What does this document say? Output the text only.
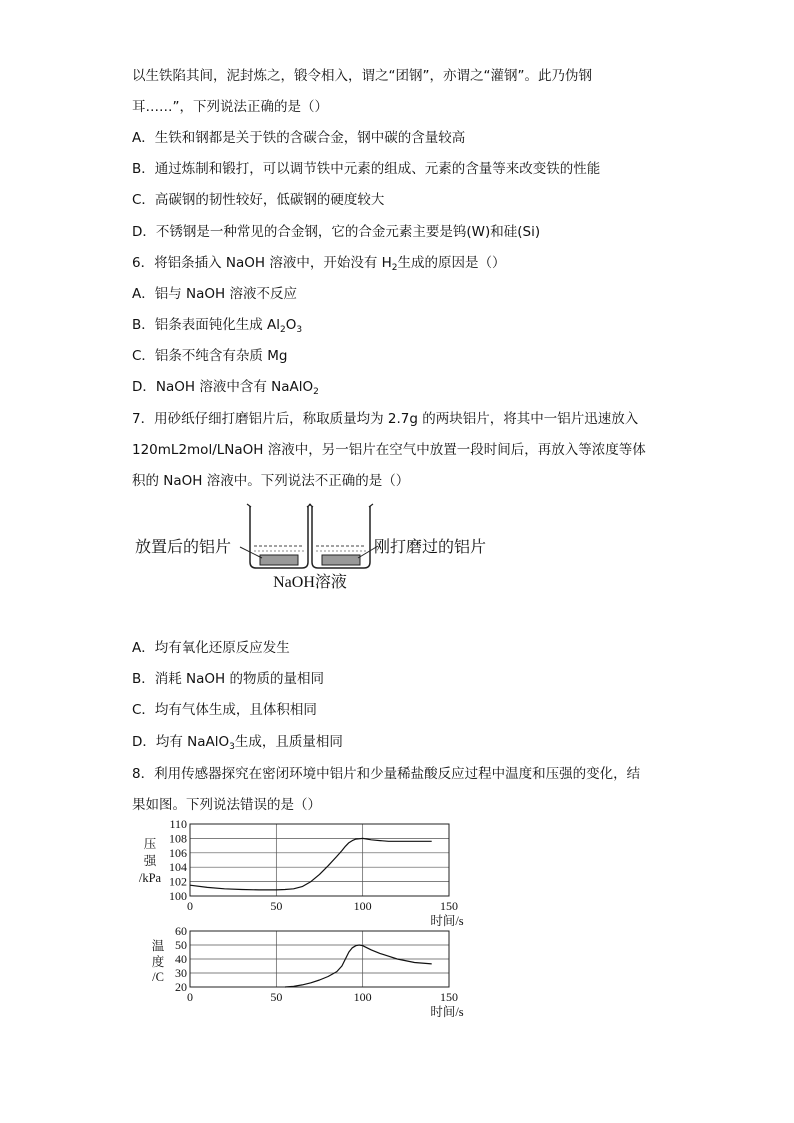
以生铁陷其间，泥封炼之，锻令相入，谓之“团钢”，亦谓之“灌钢”。此乃伪钢
耳……”，下列说法正确的是（）
A．生铁和钢都是关于铁的含碳合金，钢中碳的含量较高
B．通过炼制和锻打，可以调节铁中元素的组成、元素的含量等来改变铁的性能
C．高碳钢的韧性较好，低碳钢的硬度较大
D．不锈钢是一种常见的合金钢，它的合金元素主要是钨(W)和硅(Si)
6．将铝条插入 NaOH 溶液中，开始没有 $H_2$生成的原因是（）
A．铝与 NaOH 溶液不反应
B．铝条表面钝化生成 $Al_2O_3$
C．铝条不纯含有杂质 Mg
D．NaOH 溶液中含有 NaAlO$_2$
7．用砂纸仔细打磨铝片后，称取质量均为 2.7g 的两块铝片，将其中一铝片迅速放入
120mL2mol/LNaOH 溶液中，另一铝片在空气中放置一段时间后，再放入等浓度等体
积的 NaOH 溶液中。下列说法不正确的是（）
放置后的铝片	刚打磨过的铝片
NaOH溶液
A．均有氧化还原反应发生
B．消耗 NaOH 的物质的量相同
C．均有气体生成，且体积相同
D．均有 NaAlO$_3$生成，且质量相同
8．利用传感器探究在密闭环境中铝片和少量稀盐酸反应过程中温度和压强的变化，结
果如图。下列说法错误的是（）
100
102
104
106
108
110
0	50	100	150
压
强
/kPa
时间/s
20
30
40
50
60
0	50	100	150
温
度
/C
时间/s
